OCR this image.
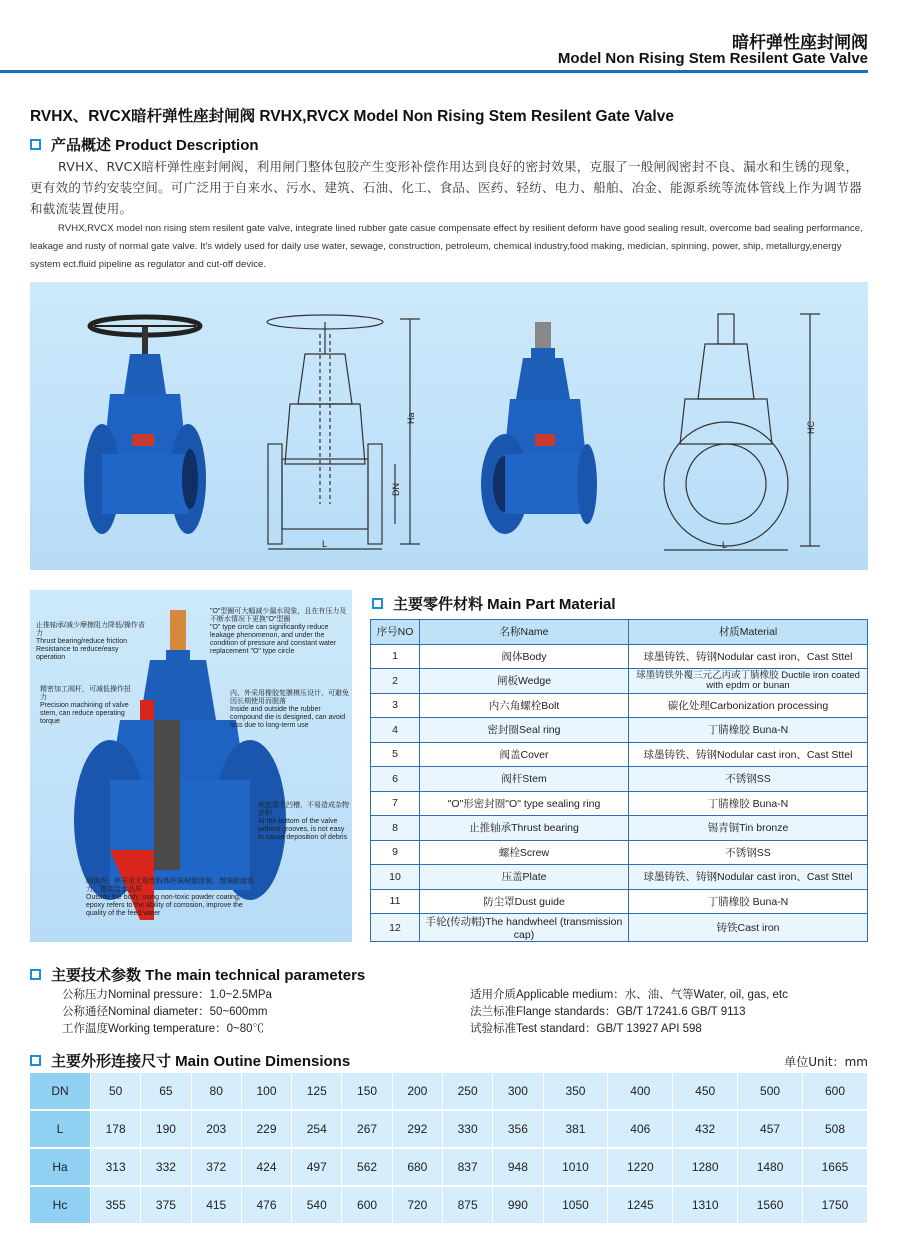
暗杆弹性座封闸阀
Model Non Rising Stem Resilent Gate Valve
RVHX、RVCX暗杆弹性座封闸阀 RVHX,RVCX Model Non Rising Stem Resilent Gate Valve
产品概述 Product Description
RVHX、RVCX暗杆弹性座封闸阀，利用闸门整体包胶产生变形补偿作用达到良好的密封效果，克服了一般闸阀密封不良、漏水和生锈的现象，更有效的节约安装空间。可广泛用于自来水、污水、建筑、石油、化工、食品、医药、轻纺、电力、船舶、冶金、能源系统等流体管线上作为调节器和截流装置使用。
RVHX,RVCX model non rising stem resilent gate valve, integrate lined rubber gate casue compensate effect by resilient deform have good sealing result, overcome bad sealing performance, leakage and rusty of normal gate valve. It's widely used for daily use water, sewage, construction, petroleum, chemical industry,food making, medician, spinning, power, ship, metallurgy,energy system ect.fluid pipeline as regulator and cut-off device.
Ha
DN
L
HC
L
止推轴承/减少摩擦阻力降低/操作省力
Thrust bearing/reduce friction Resistance to reduce/easy operation
精密加工阀杆，可减低操作扭力
Precision machining of valve stem, can reduce operating torque
"O"型圈可大幅减少漏水现象，且在有压力及不断水情况下更换"O"型圈
"O" type circle can significantly reduce leakage phenomenon, and under the condition of pressure and constant water replacement "O" type circle
内、外采用橡胶复膜模压设计，可避免因长期使用而脱落
Inside and outside the rubber compound die is designed, can avoid loss due to long-term use
阀底部无凹槽，不易造成杂物淤积
At the bottom of the valve without grooves, is not easy to cause deposition of debris
阀体内、外采用无毒性粉体环氧树脂涂装，增强耐腐蚀力，提高给水品质
Outside the body, using non-toxic powder coating, epoxy refers to the ability of corrosion, improve the quality of the feed water
主要零件材料 Main Part Material
序号NO	名称Name	材质Material
1	阀体Body	球墨铸铁、铸钢Nodular cast iron、Cast Sttel
2	闸板Wedge	球墨铸铁外覆三元乙丙或丁腈橡胶 Ductile iron coated with epdm or bunan
3	内六角螺栓Bolt	碳化处理Carbonization processing
4	密封圈Seal ring	丁腈橡胶 Buna-N
5	阀盖Cover	球墨铸铁、铸钢Nodular cast iron、Cast Sttel
6	阀杆Stem	不锈钢SS
7	"O"形密封圈"O" type sealing ring	丁腈橡胶 Buna-N
8	止推轴承Thrust bearing	锡青铜Tin bronze
9	螺栓Screw	不锈钢SS
10	压盖Plate	球墨铸铁、铸钢Nodular cast iron、Cast Sttel
11	防尘罩Dust guide	丁腈橡胶 Buna-N
12	手轮(传动帽)The handwheel (transmission cap)	铸铁Cast iron
主要技术参数 The main technical parameters
公称压力Nominal pressure：1.0~2.5MPa
公称通径Nominal diameter：50~600mm
工作温度Working temperature：0~80℃
适用介质Applicable medium：水、油、气等Water, oil, gas, etc
法兰标准Flange standards：GB/T 17241.6 GB/T 9113
试验标准Test standard：GB/T 13927 API 598
主要外形连接尺寸 Main Outine Dimensions	单位Unit：mm
DN	50	65	80	100	125	150	200	250	300	350	400	450	500	600
L	178	190	203	229	254	267	292	330	356	381	406	432	457	508
Ha	313	332	372	424	497	562	680	837	948	1010	1220	1280	1480	1665
Hc	355	375	415	476	540	600	720	875	990	1050	1245	1310	1560	1750
